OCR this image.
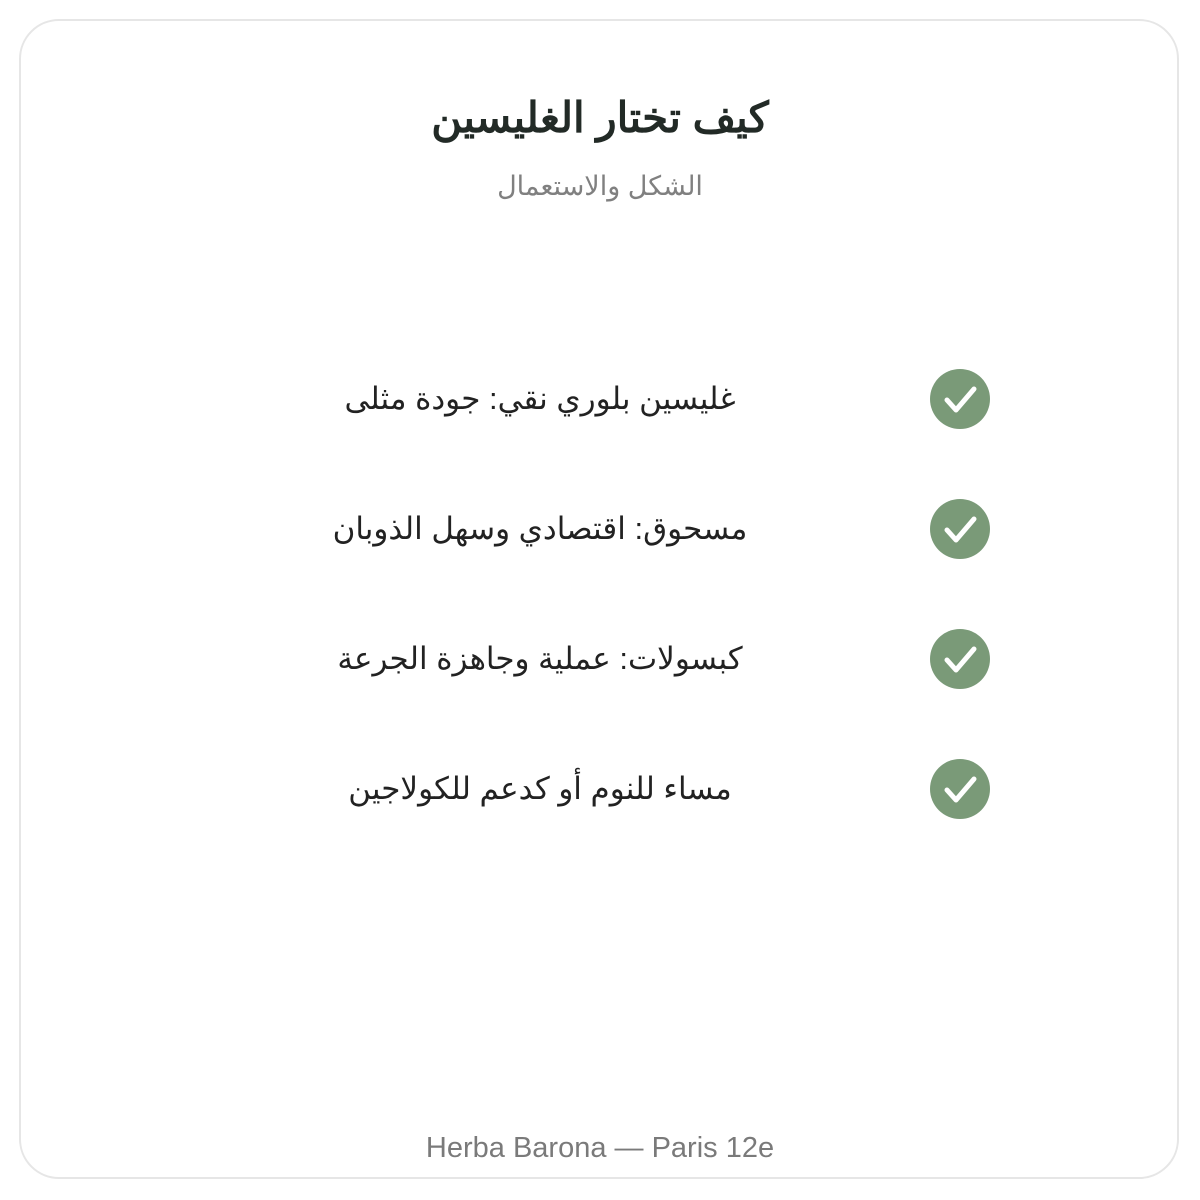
كيف تختار الغليسين
الشكل والاستعمال
غليسين بلوري نقي: جودة مثلى
مسحوق: اقتصادي وسهل الذوبان
كبسولات: عملية وجاهزة الجرعة
مساء للنوم أو كدعم للكولاجين
Herba Barona — Paris 12e
